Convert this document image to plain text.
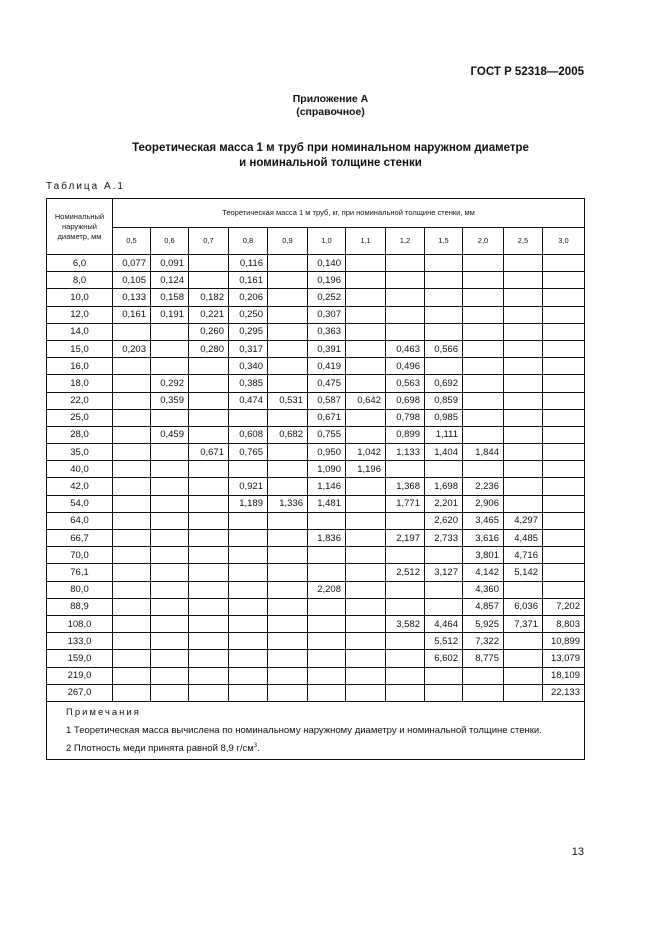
ГОСТ Р 52318—2005
Приложение А
(справочное)
Теоретическая масса 1 м труб при номинальном наружном диаметре
и номинальной толщине стенки
Таблица А.1
Номинальный
наружный
диаметр, мм	Теоретическая масса 1 м труб, кг, при номинальной толщине стенки, мм											
	0,5	0,6	0,7	0,8	0,9	1,0	1,1	1,2	1,5	2,0	2,5	3,0
6,0	0,077	0,091		0,116		0,140						
8,0	0,105	0,124		0,161		0,196						
10,0	0,133	0,158	0,182	0,206		0,252						
12,0	0,161	0,191	0,221	0,250		0,307						
14,0			0,260	0,295		0,363						
15,0	0,203		0,280	0,317		0,391		0,463	0,566			
16,0				0,340		0,419		0,496				
18,0		0,292		0,385		0,475		0,563	0,692			
22,0		0,359		0,474	0,531	0,587	0,642	0,698	0,859			
25,0						0,671		0,798	0,985			
28,0		0,459		0,608	0,682	0,755		0,899	1,111			
35,0			0,671	0,765		0,950	1,042	1,133	1,404	1,844		
40,0						1,090	1,196					
42,0				0,921		1,146		1,368	1,698	2,236		
54,0				1,189	1,336	1,481		1,771	2,201	2,906		
64,0									2,620	3,465	4,297	
66,7						1,836		2,197	2,733	3,616	4,485	
70,0										3,801	4,716	
76,1								2,512	3,127	4,142	5,142	
80,0						2,208				4,360		
88,9										4,857	6,036	7,202
108,0								3,582	4,464	5,925	7,371	8,803
133,0									5,512	7,322		10,899
159,0									6,602	8,775		13,079
219,0												18,109
267,0												22,133

Примечания
1 Теоретическая масса вычислена по номинальному наружному диаметру и номинальной толщине стенки.
2 Плотность меди принята равной 8,9 $г/см^3$.												
13
